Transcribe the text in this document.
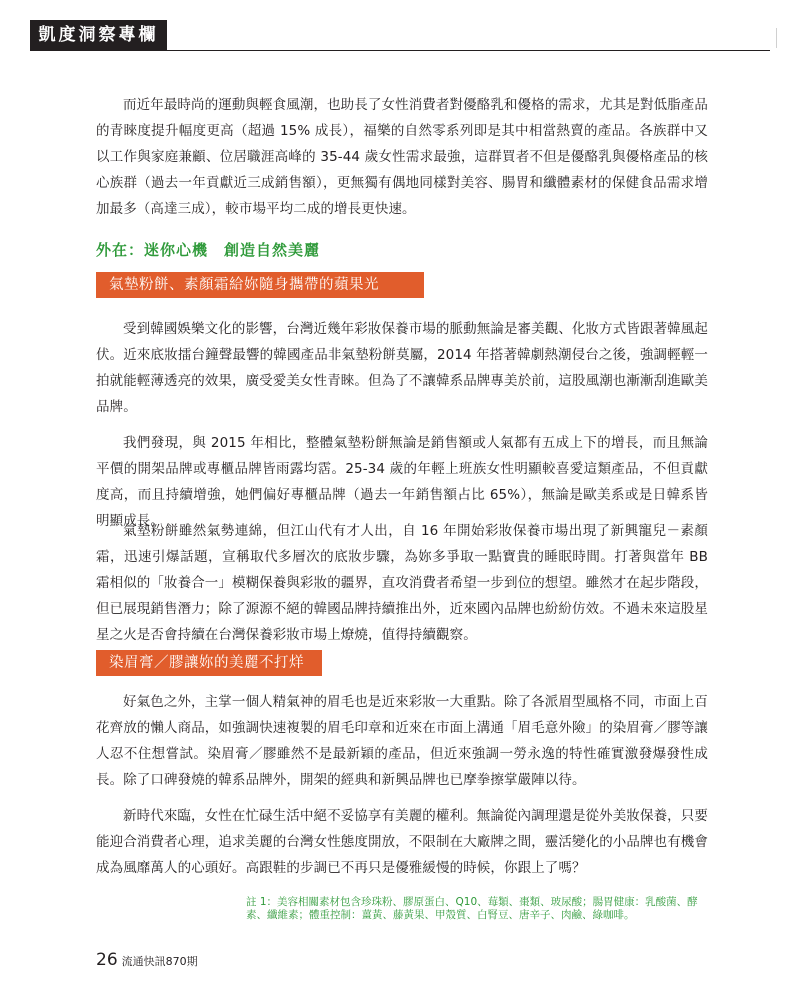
凱度洞察專欄

而近年最時尚的運動與輕食風潮，也助長了女性消費者對優酪乳和優格的需求，尤其是對低脂產品的青睞度提升幅度更高（超過 15% 成長），福樂的自然零系列即是其中相當熱賣的產品。各族群中又以工作與家庭兼顧、位居職涯高峰的 35-44 歲女性需求最強，這群買者不但是優酪乳與優格產品的核心族群（過去一年貢獻近三成銷售額），更無獨有偶地同樣對美容、腸胃和纖體素材的保健食品需求增加最多（高達三成），較市場平均二成的增長更快速。

外在：迷你心機　創造自然美麗
氣墊粉餅、素顏霜給妳隨身攜帶的蘋果光

受到韓國娛樂文化的影響，台灣近幾年彩妝保養市場的脈動無論是審美觀、化妝方式皆跟著韓風起伏。近來底妝擂台鐘聲最響的韓國產品非氣墊粉餅莫屬，2014 年搭著韓劇熱潮侵台之後，強調輕輕一拍就能輕薄透亮的效果，廣受愛美女性青睞。但為了不讓韓系品牌專美於前，這股風潮也漸漸刮進歐美品牌。

我們發現，與 2015 年相比，整體氣墊粉餅無論是銷售額或人氣都有五成上下的增長，而且無論平價的開架品牌或專櫃品牌皆雨露均霑。25-34 歲的年輕上班族女性明顯較喜愛這類產品，不但貢獻度高，而且持續增強，她們偏好專櫃品牌（過去一年銷售額占比 65%），無論是歐美系或是日韓系皆明顯成長。

氣墊粉餅雖然氣勢連綿，但江山代有才人出，自 16 年開始彩妝保養市場出現了新興寵兒－素顏霜，迅速引爆話題，宣稱取代多層次的底妝步驟，為妳多爭取一點寶貴的睡眠時間。打著與當年 BB 霜相似的「妝養合一」模糊保養與彩妝的疆界，直攻消費者希望一步到位的想望。雖然才在起步階段，但已展現銷售潛力；除了源源不絕的韓國品牌持續推出外，近來國內品牌也紛紛仿效。不過未來這股星星之火是否會持續在台灣保養彩妝市場上燎燒，值得持續觀察。

染眉膏／膠讓妳的美麗不打烊

好氣色之外，主掌一個人精氣神的眉毛也是近來彩妝一大重點。除了各派眉型風格不同，市面上百花齊放的懶人商品，如強調快速複製的眉毛印章和近來在市面上溝通「眉毛意外險」的染眉膏／膠等讓人忍不住想嘗試。染眉膏／膠雖然不是最新穎的產品，但近來強調一勞永逸的特性確實激發爆發性成長。除了口碑發燒的韓系品牌外，開架的經典和新興品牌也已摩拳擦掌嚴陣以待。

新時代來臨，女性在忙碌生活中絕不妥協享有美麗的權利。無論從內調理還是從外美妝保養，只要能迎合消費者心理，追求美麗的台灣女性態度開放，不限制在大廠牌之間，靈活變化的小品牌也有機會成為風靡萬人的心頭好。高跟鞋的步調已不再只是優雅緩慢的時候，你跟上了嗎？

註 1：美容相關素材包含珍珠粉、膠原蛋白、Q10、莓類、棗類、玻尿酸；腸胃健康：乳酸菌、酵素、纖維素；體重控制：薑黃、藤黃果、甲殼質、白腎豆、唐辛子、肉鹼、綠咖啡。

26 流通快訊870期
